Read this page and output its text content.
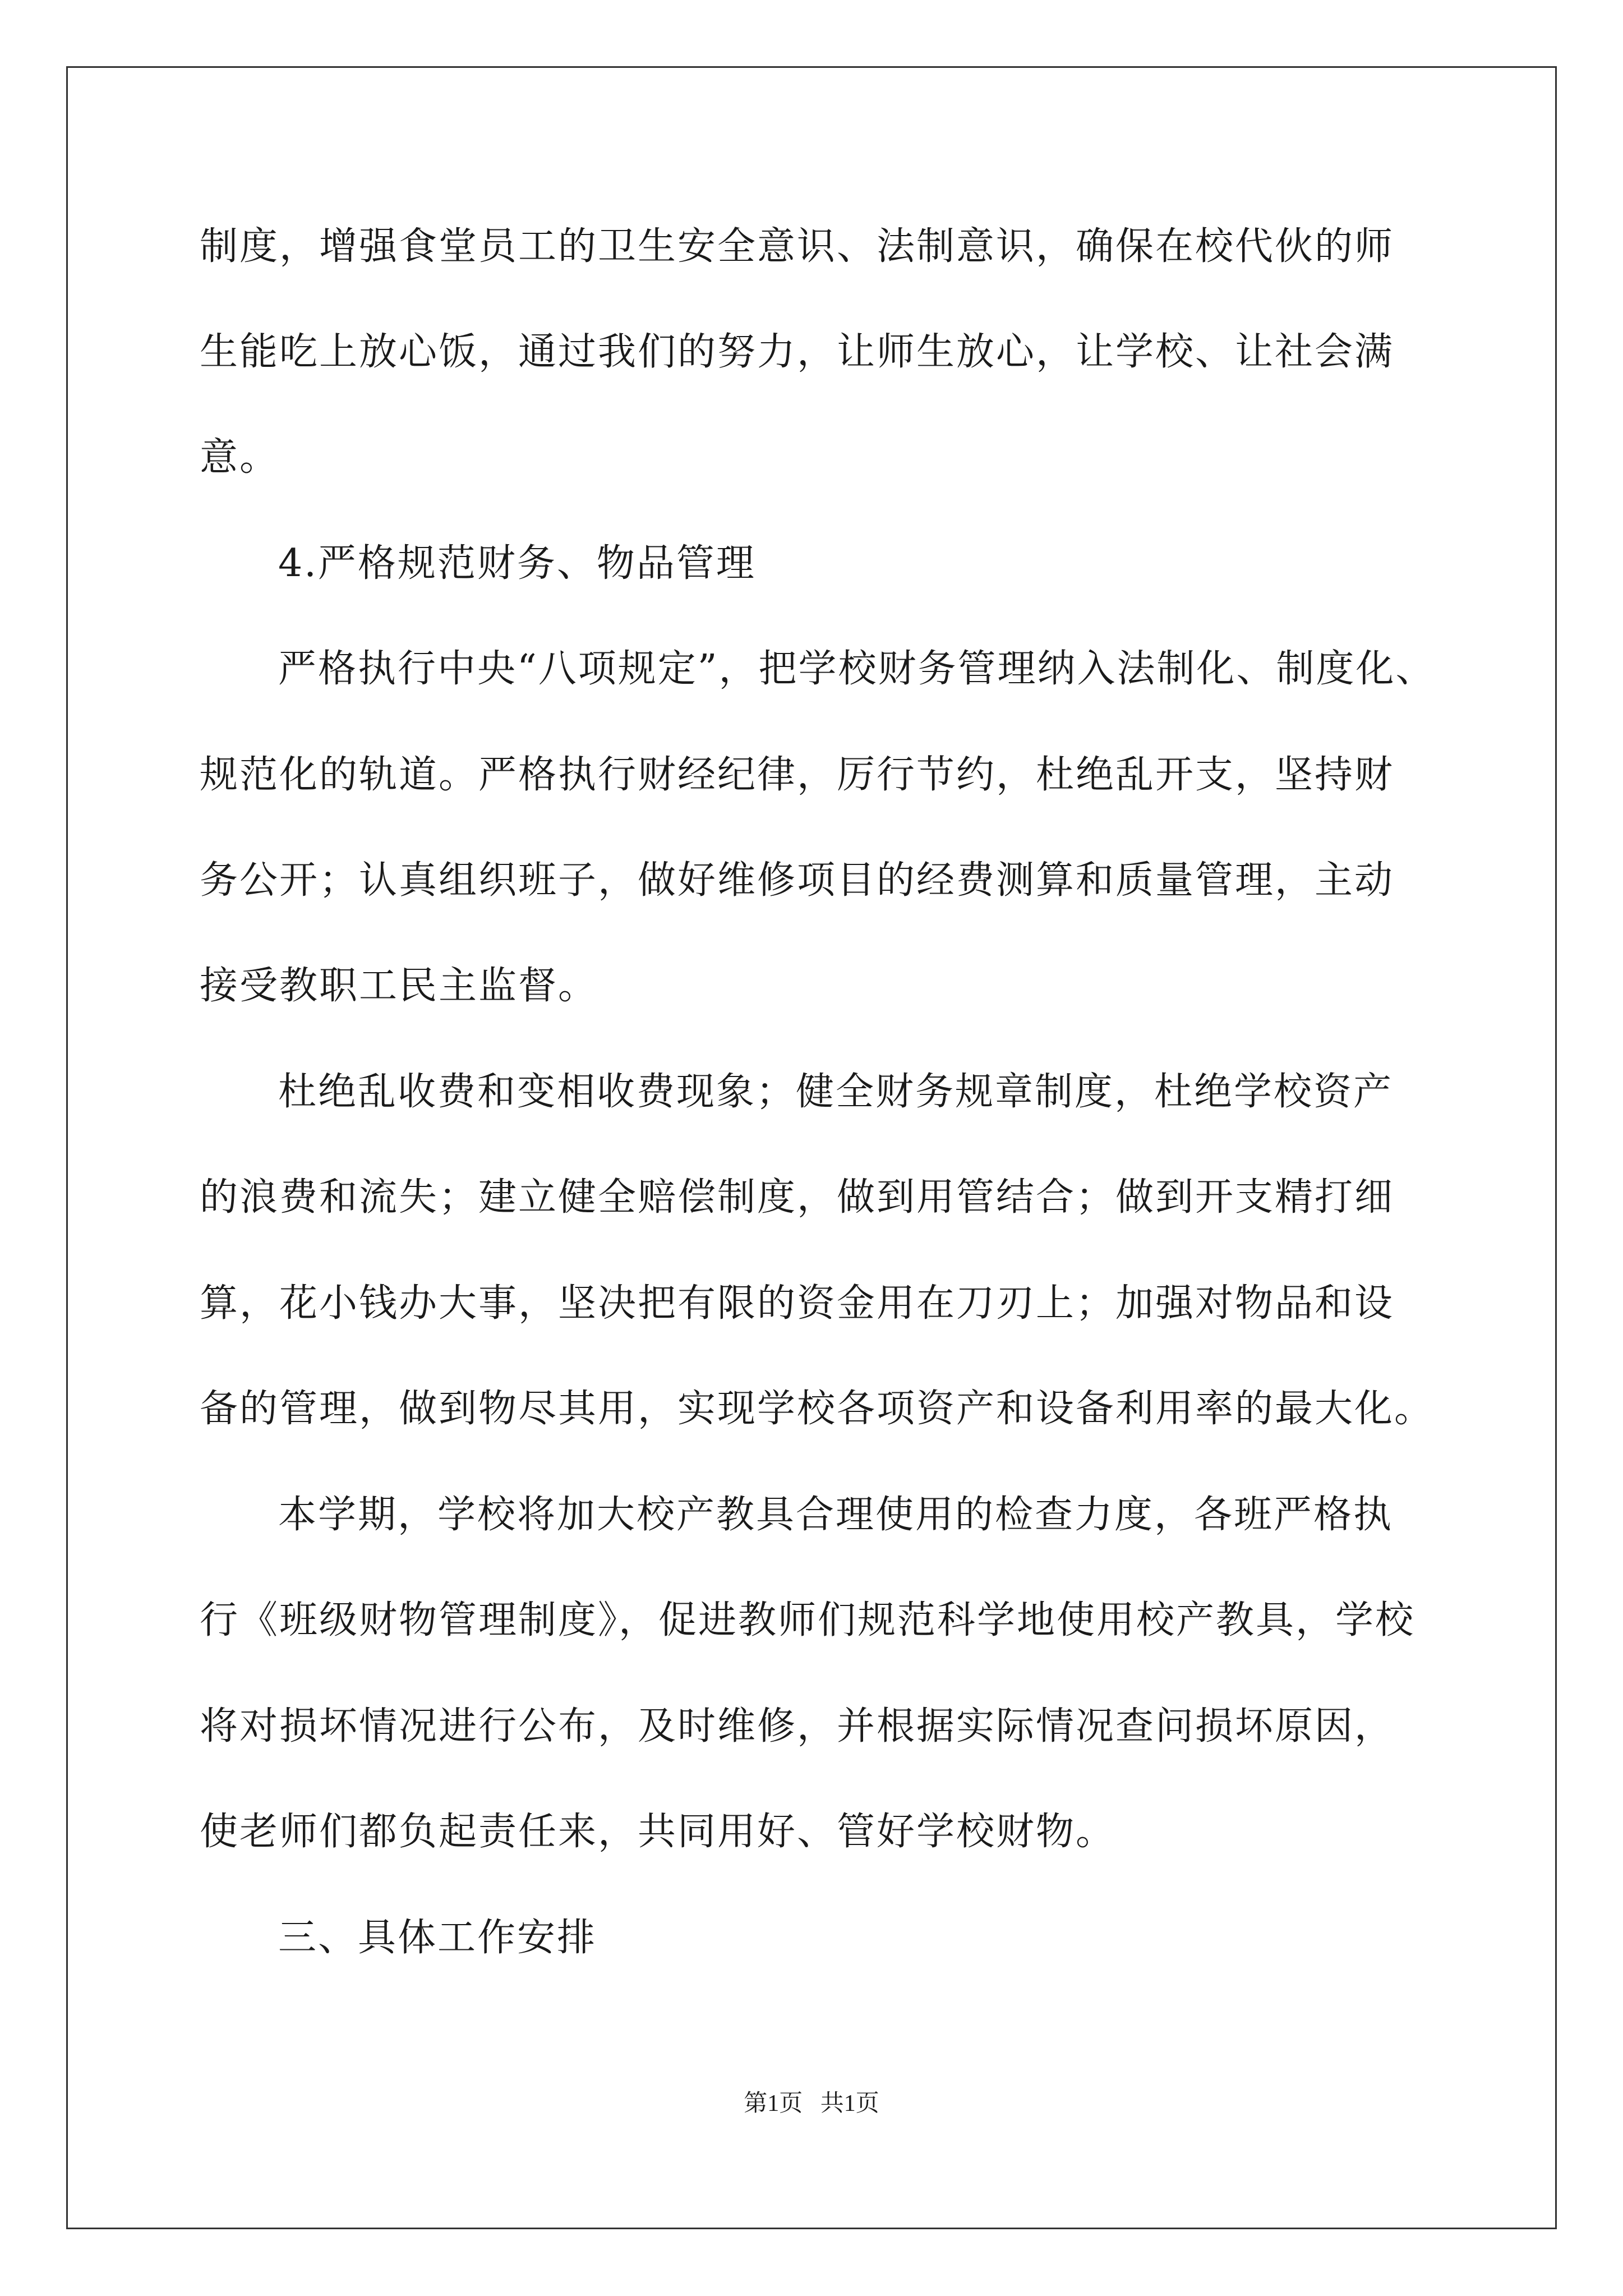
制度，增强食堂员工的卫生安全意识、法制意识，确保在校代伙的师
生能吃上放心饭，通过我们的努力，让师生放心，让学校、让社会满
意。
4.严格规范财务、物品管理
严格执行中央“八项规定”，把学校财务管理纳入法制化、制度化、
规范化的轨道。严格执行财经纪律，厉行节约，杜绝乱开支，坚持财
务公开；认真组织班子，做好维修项目的经费测算和质量管理，主动
接受教职工民主监督。
杜绝乱收费和变相收费现象；健全财务规章制度，杜绝学校资产
的浪费和流失；建立健全赔偿制度，做到用管结合；做到开支精打细
算，花小钱办大事，坚决把有限的资金用在刀刃上；加强对物品和设
备的管理，做到物尽其用，实现学校各项资产和设备利用率的最大化。
本学期，学校将加大校产教具合理使用的检查力度，各班严格执
行《班级财物管理制度》，促进教师们规范科学地使用校产教具，学校
将对损坏情况进行公布，及时维修，并根据实际情况查问损坏原因，
使老师们都负起责任来，共同用好、管好学校财物。
三、具体工作安排
第1页   共1页
